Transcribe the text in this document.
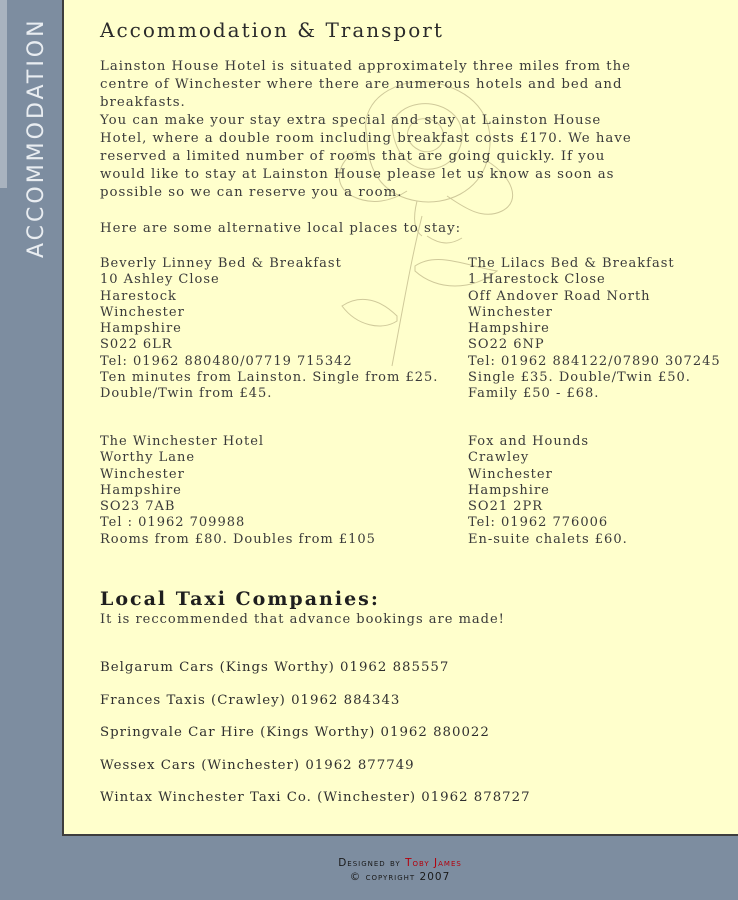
ACCOMMODATION	Accommodation & Transport

Lainston House Hotel is situated approximately three miles from the centre of Winchester where there are numerous hotels and bed and breakfasts.

You can make your stay extra special and stay at Lainston House Hotel, where a double room including breakfast costs £170. We have reserved a limited number of rooms that are going quickly. If you would like to stay at Lainston House please let us know as soon as possible so we can reserve you a room.

Here are some alternative local places to stay:

Beverly Linney Bed & Breakfast
10 Ashley Close
Harestock
Winchester
Hampshire
S022 6LR
Tel: 01962 880480/07719 715342
Ten minutes from Lainston. Single from £25.
Double/Twin from £45.
The Lilacs Bed & Breakfast
1 Harestock Close
Off Andover Road North
Winchester
Hampshire
SO22 6NP
Tel: 01962 884122/07890 307245
Single £35. Double/Twin £50.
Family £50 - £68.
The Winchester Hotel
Worthy Lane
Winchester
Hampshire
SO23 7AB
Tel : 01962 709988
Rooms from £80. Doubles from £105
Fox and Hounds
Crawley
Winchester
Hampshire
SO21 2PR
Tel: 01962 776006
En-suite chalets £60.
Local Taxi Companies:

It is reccommended that advance bookings are made!

Belgarum Cars (Kings Worthy) 01962 885557
Frances Taxis (Crawley) 01962 884343
Springvale Car Hire (Kings Worthy) 01962 880022
Wessex Cars (Winchester) 01962 877749
Wintax Winchester Taxi Co. (Winchester) 01962 878727
Designed by Toby James
© copyright 2007
